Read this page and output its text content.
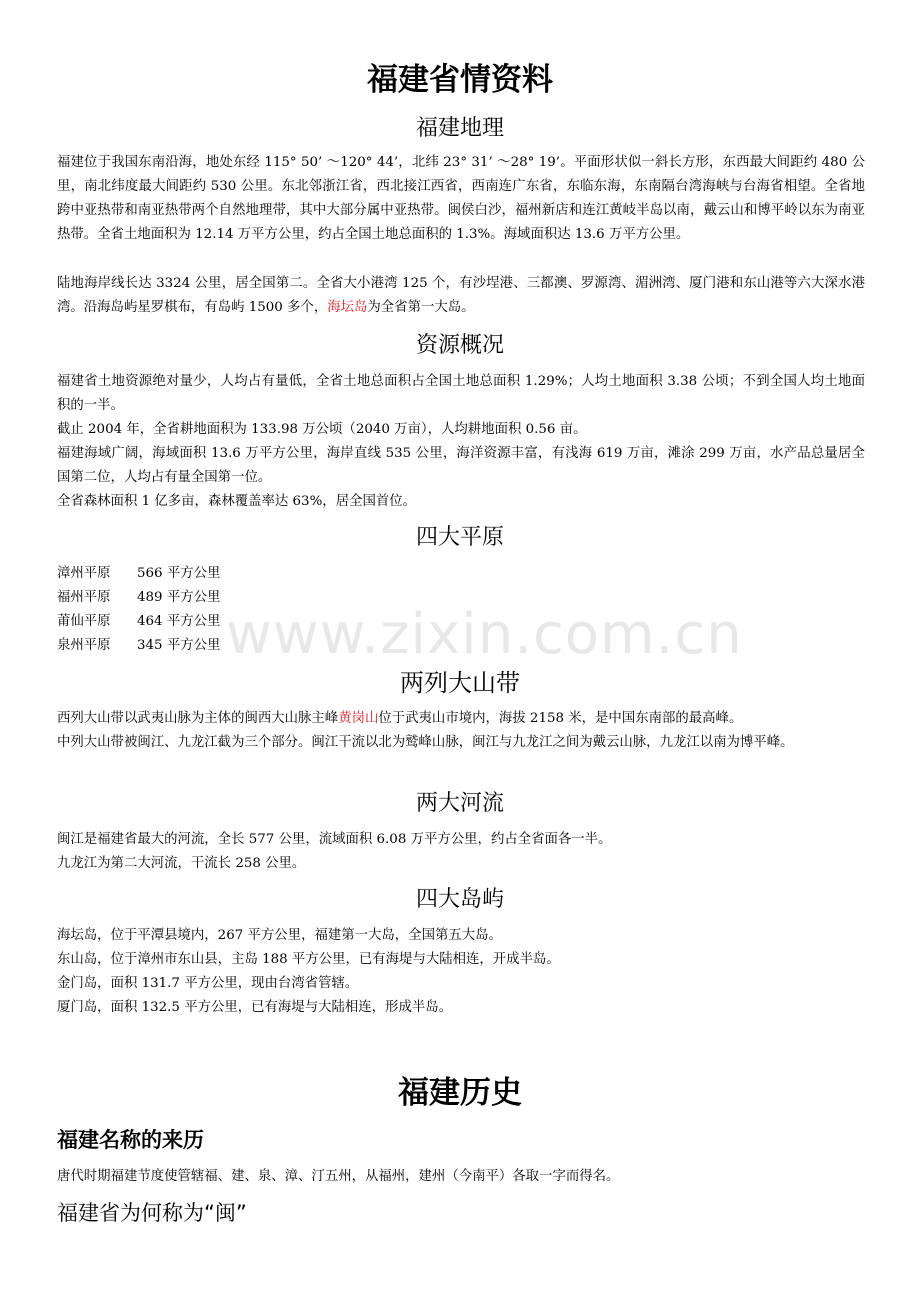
福建省情资料
福建地理
福建位于我国东南沿海，地处东经 115° 50’ ～120° 44’，北纬 23° 31’ ～28° 19’。平面形状似一斜长方形，东西最大间距约 480 公里，南北纬度最大间距约 530 公里。东北邻浙江省，西北接江西省，西南连广东省，东临东海，东南隔台湾海峡与台海省相望。全省地跨中亚热带和南亚热带两个自然地理带，其中大部分属中亚热带。闽侯白沙，福州新店和连江黄岐半岛以南，戴云山和博平岭以东为南亚热带。全省土地面积为 12.14 万平方公里，约占全国土地总面积的 1.3%。海域面积达 13.6 万平方公里。
陆地海岸线长达 3324 公里，居全国第二。全省大小港湾 125 个，有沙埕港、三都澳、罗源湾、湄洲湾、厦门港和东山港等六大深水港湾。沿海岛屿星罗棋布，有岛屿 1500 多个，海坛岛为全省第一大岛。
资源概况
福建省土地资源绝对量少，人均占有量低，全省土地总面积占全国土地总面积 1.29%；人均土地面积 3.38 公顷；不到全国人均土地面积的一半。
截止 2004 年，全省耕地面积为 133.98 万公顷（2040 万亩），人均耕地面积 0.56 亩。
福建海域广阔，海域面积 13.6 万平方公里，海岸直线 535 公里，海洋资源丰富，有浅海 619 万亩，滩涂 299 万亩，水产品总量居全国第二位，人均占有量全国第一位。
全省森林面积 1 亿多亩，森林覆盖率达 63%，居全国首位。
四大平原
漳州平原 566 平方公里
福州平原 489 平方公里
莆仙平原 464 平方公里
泉州平原 345 平方公里
两列大山带
西列大山带以武夷山脉为主体的闽西大山脉主峰黄岗山位于武夷山市境内，海拔 2158 米，是中国东南部的最高峰。
中列大山带被闽江、九龙江截为三个部分。闽江干流以北为鹫峰山脉，闽江与九龙江之间为戴云山脉，九龙江以南为博平峰。
两大河流
闽江是福建省最大的河流，全长 577 公里，流域面积 6.08 万平方公里，约占全省面各一半。
九龙江为第二大河流，干流长 258 公里。
四大岛屿
海坛岛，位于平潭县境内，267 平方公里，福建第一大岛，全国第五大岛。
东山岛，位于漳州市东山县，主岛 188 平方公里，已有海堤与大陆相连，开成半岛。
金门岛，面积 131.7 平方公里，现由台湾省管辖。
厦门岛，面积 132.5 平方公里，已有海堤与大陆相连，形成半岛。
福建历史
福建名称的来历
唐代时期福建节度使管辖福、建、泉、漳、汀五州，从福州，建州（今南平）各取一字而得名。
福建省为何称为“闽”
www.zixin.com.cn
